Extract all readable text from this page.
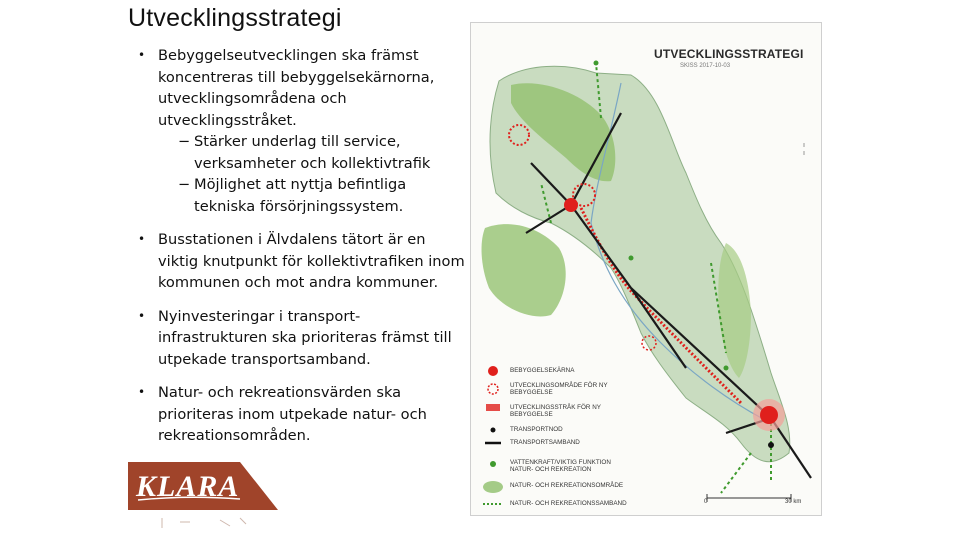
Utvecklingsstrategi
• Bebyggelseutvecklingen ska främst koncentreras till bebyggelsekärnorna, utvecklingsområdena och utvecklingsstråket.
− Stärker underlag till service, verksamheter och kollektivtrafik
− Möjlighet att nyttja befintliga tekniska försörjningssystem.
• Busstationen i Älvdalens tätort är en viktig knutpunkt för kollektivtrafiken inom kommunen och mot andra kommuner.
• Nyinvesteringar i transport- infrastrukturen ska prioriteras främst till utpekade transportsamband.
• Natur- och rekreationsvärden ska prioriteras inom utpekade natur- och rekreationsområden.
KLARA
UTVECKLINGSSTRATEGI
SKISS 2017-10-03
BEBYGGELSEKÄRNA
UTVECKLINGSOMRÅDE FÖR NY BEBYGGELSE
UTVECKLINGSSTRÅK FÖR NY BEBYGGELSE
TRANSPORTNOD
TRANSPORTSAMBAND
VATTENKRAFT/VIKTIG FUNKTION NATUR- OCH REKREATION
NATUR- OCH REKREATIONSOMRÅDE
NATUR- OCH REKREATIONSSAMBAND	0	30 km
